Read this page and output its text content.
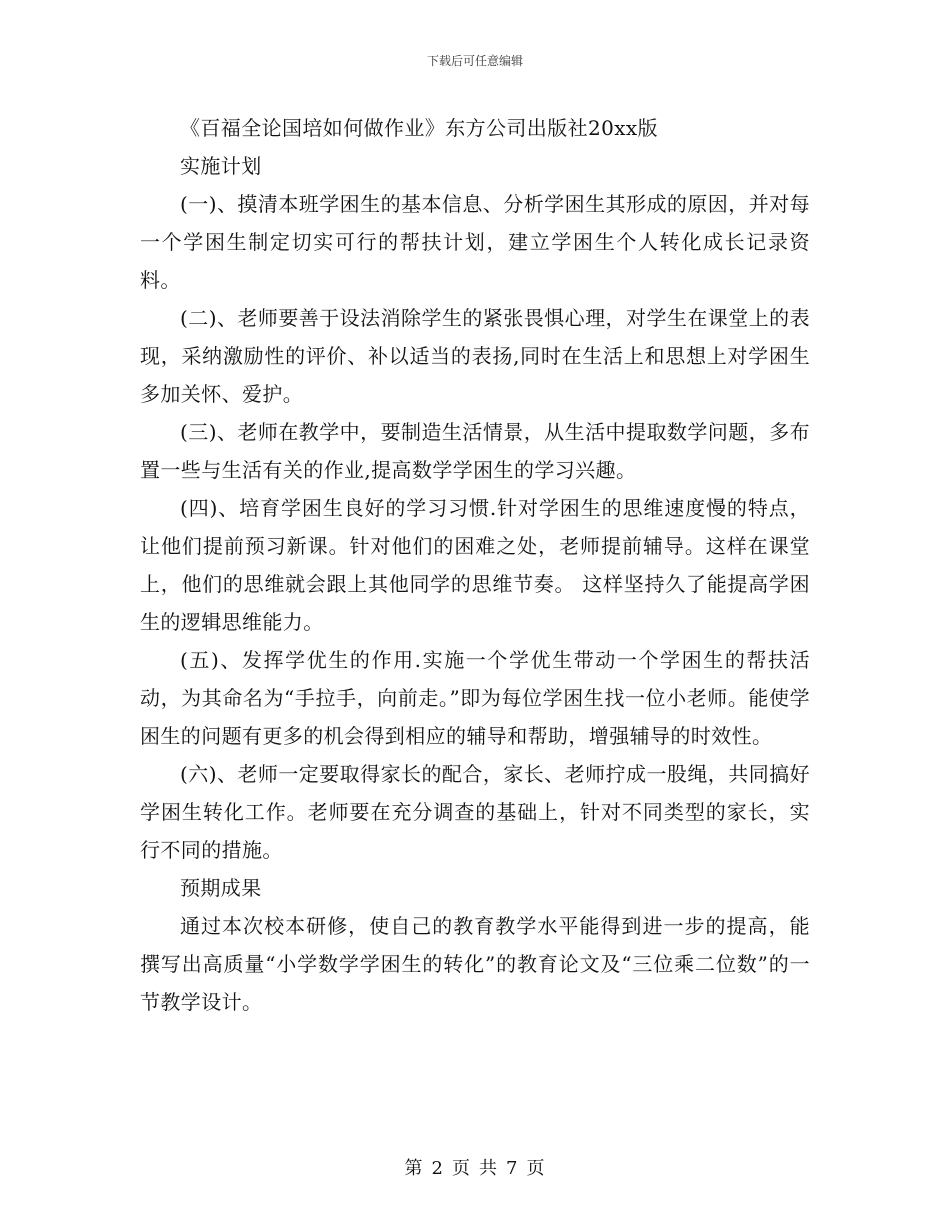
下载后可任意编辑

《百福全论国培如何做作业》东方公司出版社20xx版

实施计划

(一)、摸清本班学困生的基本信息、分析学困生其形成的原因，并对每一个学困生制定切实可行的帮扶计划，建立学困生个人转化成长记录资料。

(二)、老师要善于设法消除学生的紧张畏惧心理，对学生在课堂上的表现，采纳激励性的评价、补以适当的表扬,同时在生活上和思想上对学困生多加关怀、爱护。

(三)、老师在教学中，要制造生活情景，从生活中提取数学问题，多布置一些与生活有关的作业,提高数学学困生的学习兴趣。

(四)、培育学困生良好的学习习惯.针对学困生的思维速度慢的特点，让他们提前预习新课。针对他们的困难之处，老师提前辅导。这样在课堂上，他们的思维就会跟上其他同学的思维节奏。 这样坚持久了能提高学困生的逻辑思维能力。

(五)、发挥学优生的作用.实施一个学优生带动一个学困生的帮扶活动，为其命名为“手拉手，向前走。”即为每位学困生找一位小老师。能使学困生的问题有更多的机会得到相应的辅导和帮助，增强辅导的时效性。

(六)、老师一定要取得家长的配合，家长、老师拧成一股绳，共同搞好学困生转化工作。老师要在充分调查的基础上，针对不同类型的家长，实行不同的措施。

预期成果

通过本次校本研修，使自己的教育教学水平能得到进一步的提高，能撰写出高质量“小学数学学困生的转化”的教育论文及“三位乘二位数”的一节教学设计。

第 2 页 共 7 页
